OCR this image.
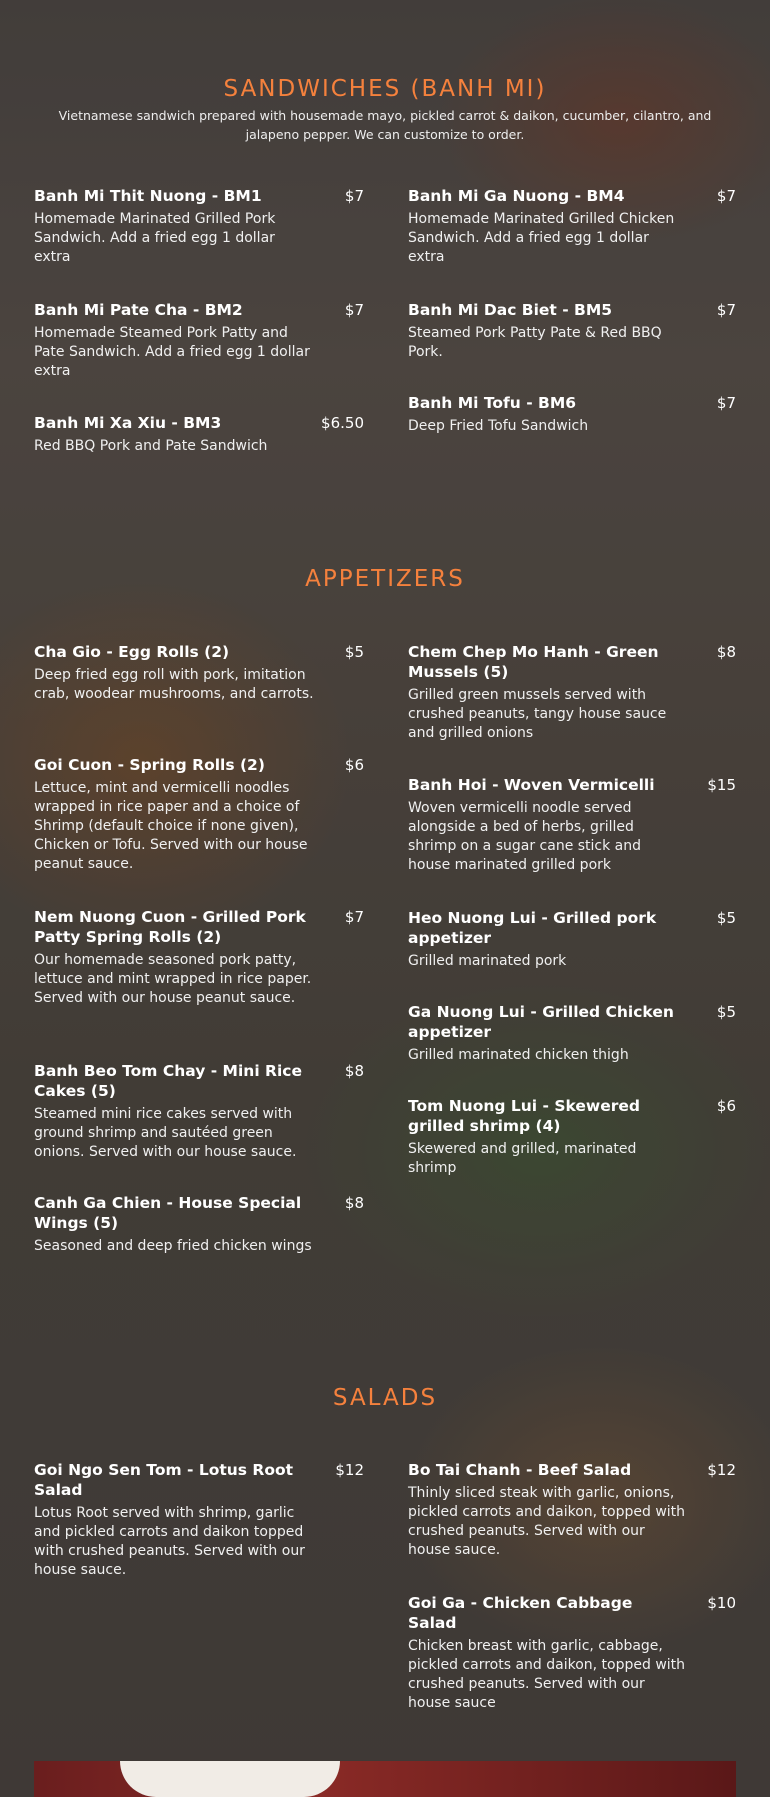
SANDWICHES (BANH MI)

Vietnamese sandwich prepared with housemade mayo, pickled carrot & daikon, cucumber, cilantro, and jalapeno pepper. We can customize to order.

Banh Mi Thit Nuong - BM1	$7

Homemade Marinated Grilled Pork Sandwich. Add a fried egg 1 dollar extra

Banh Mi Pate Cha - BM2	$7

Homemade Steamed Pork Patty and Pate Sandwich. Add a fried egg 1 dollar extra

Banh Mi Xa Xiu - BM3	$6.50

Red BBQ Pork and Pate Sandwich

Banh Mi Ga Nuong - BM4	$7

Homemade Marinated Grilled Chicken Sandwich. Add a fried egg 1 dollar extra

Banh Mi Dac Biet - BM5	$7

Steamed Pork Patty Pate & Red BBQ Pork.

Banh Mi Tofu - BM6	$7

Deep Fried Tofu Sandwich

APPETIZERS
Cha Gio - Egg Rolls (2)	$5

Deep fried egg roll with pork, imitation crab, woodear mushrooms, and carrots.

Goi Cuon - Spring Rolls (2)	$6

Lettuce, mint and vermicelli noodles wrapped in rice paper and a choice of Shrimp (default choice if none given), Chicken or Tofu. Served with our house peanut sauce.

Nem Nuong Cuon - Grilled Pork Patty Spring Rolls (2)
$7

Our homemade seasoned pork patty, lettuce and mint wrapped in rice paper. Served with our house peanut sauce.

Banh Beo Tom Chay - Mini Rice Cakes (5)
$8

Steamed mini rice cakes served with ground shrimp and sautéed green onions. Served with our house sauce.

Canh Ga Chien - House Special Wings (5)
$8

Seasoned and deep fried chicken wings

Chem Chep Mo Hanh - Green Mussels (5)
$8

Grilled green mussels served with crushed peanuts, tangy house sauce and grilled onions

Banh Hoi - Woven Vermicelli	$15

Woven vermicelli noodle served alongside a bed of herbs, grilled shrimp on a sugar cane stick and house marinated grilled pork

Heo Nuong Lui - Grilled pork appetizer
$5

Grilled marinated pork

Ga Nuong Lui - Grilled Chicken appetizer
$5

Grilled marinated chicken thigh

Tom Nuong Lui - Skewered grilled shrimp (4)
$6

Skewered and grilled, marinated shrimp

SALADS
Goi Ngo Sen Tom - Lotus Root Salad
$12

Lotus Root served with shrimp, garlic and pickled carrots and daikon topped with crushed peanuts. Served with our house sauce.

Bo Tai Chanh - Beef Salad	$12

Thinly sliced steak with garlic, onions, pickled carrots and daikon, topped with crushed peanuts. Served with our house sauce.

Goi Ga - Chicken Cabbage Salad
$10

Chicken breast with garlic, cabbage, pickled carrots and daikon, topped with crushed peanuts. Served with our house sauce
